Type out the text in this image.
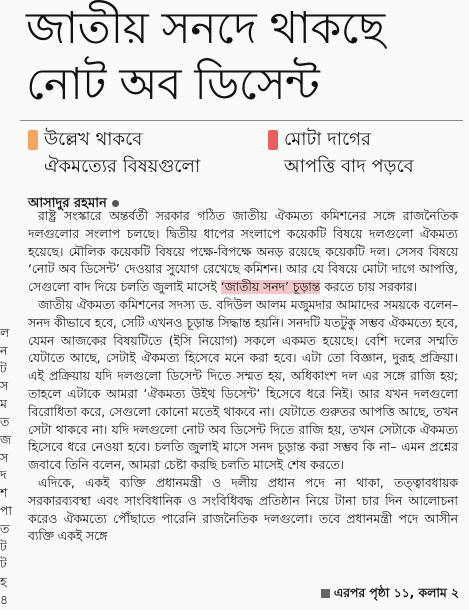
জাতীয় সনদে থাকছে
নোট অব ডিসেন্ট
উল্লেখ থাকবে
ঐকমত্যের বিষয়গুলো
মোটা দাগের
আপত্তি বাদ পড়বে
আসাদুর রহমান
ল
ন
ট
স
ম
ত
জ
স
দ
শ
পা
ত
ট
ট
হ
৪

রাষ্ট্র সংস্কারে অন্তর্বর্তী সরকার গঠিত জাতীয় ঐকমত্য কমিশনের সঙ্গে রাজনৈতিক দলগুলোর সংলাপ চলছে। দ্বিতীয় ধাপের সংলাপে কয়েকটি বিষয়ে দলগুলো ঐকমত্য হয়েছে। মৌলিক কয়েকটি বিষয়ে পক্ষে-বিপক্ষে অনড় রয়েছে কয়েকটি দল। সেসব বিষয়ে ‘নোট অব ডিসেন্ট’ দেওয়ার সুযোগ রেখেছে কমিশন। আর যে বিষয়ে মোটা দাগে আপত্তি, সেগুলো বাদ দিয়ে চলতি জুলাই মাসেই ‘জাতীয় সনদ’ চূড়ান্ত করতে চায় সরকার।

জাতীয় ঐকমত্য কমিশনের সদস্য ড. বদিউল আলম মজুমদার আমাদের সময়কে বলেন– সনদ কীভাবে হবে, সেটি এখনও চূড়ান্ত সিদ্ধান্ত হয়নি। সনদটি যতটুকু সম্ভব ঐকমত্যে হবে, যেমন আজকের বিষয়টিতে (ইসি নিয়োগ) সকলে একমত হয়েছে। বেশি দলের সম্মতি যেটাতে আছে, সেটাই ঐকমত্য হিসেবে মনে করা হবে। এটা তো বিজ্ঞান, দুরূহ প্রক্রিয়া। এই প্রক্রিয়ায় যদি দলগুলো ডিসেন্ট দিতে সম্মত হয়, অধিকাংশ দল এর সঙ্গে রাজি হয়; তাহলে এটাকে আমরা ‘ঐকমত্য উইথ ডিসেন্ট’ হিসেবে ধরে নিই। আর যখন দলগুলো বিরোধিতা করে, সেগুলো কোনো মতেই থাকবে না। যেটাতে গুরুতর আপত্তি আছে, তখন সেটা থাকবে না। যদি দলগুলো নোট অব ডিসেন্ট দিতে রাজি হয়, তখন সেটাকে ঐকমত্য হিসেবে ধরে নেওয়া হবে। চলতি জুলাই মাসে সনদ চূড়ান্ত করা সম্ভব কি না– এমন প্রশ্নের জবাবে তিনি বলেন, আমরা চেষ্টা করছি চলতি মাসেই শেষ করতে।

এদিকে, একই ব্যক্তি প্রধানমন্ত্রী ও দলীয় প্রধান পদে না থাকা, তত্ত্বাবধায়ক সরকারব্যবস্থা এবং সাংবিধানিক ও সংবিধিবদ্ধ প্রতিষ্ঠান নিয়ে টানা চার দিন আলোচনা করেও ঐকমত্যে পৌঁছাতে পারেনি রাজনৈতিক দলগুলো। তবে প্রধানমন্ত্রী পদে আসীন ব্যক্তি একই সঙ্গে

এরপর পৃষ্ঠা ১১, কলাম ২
